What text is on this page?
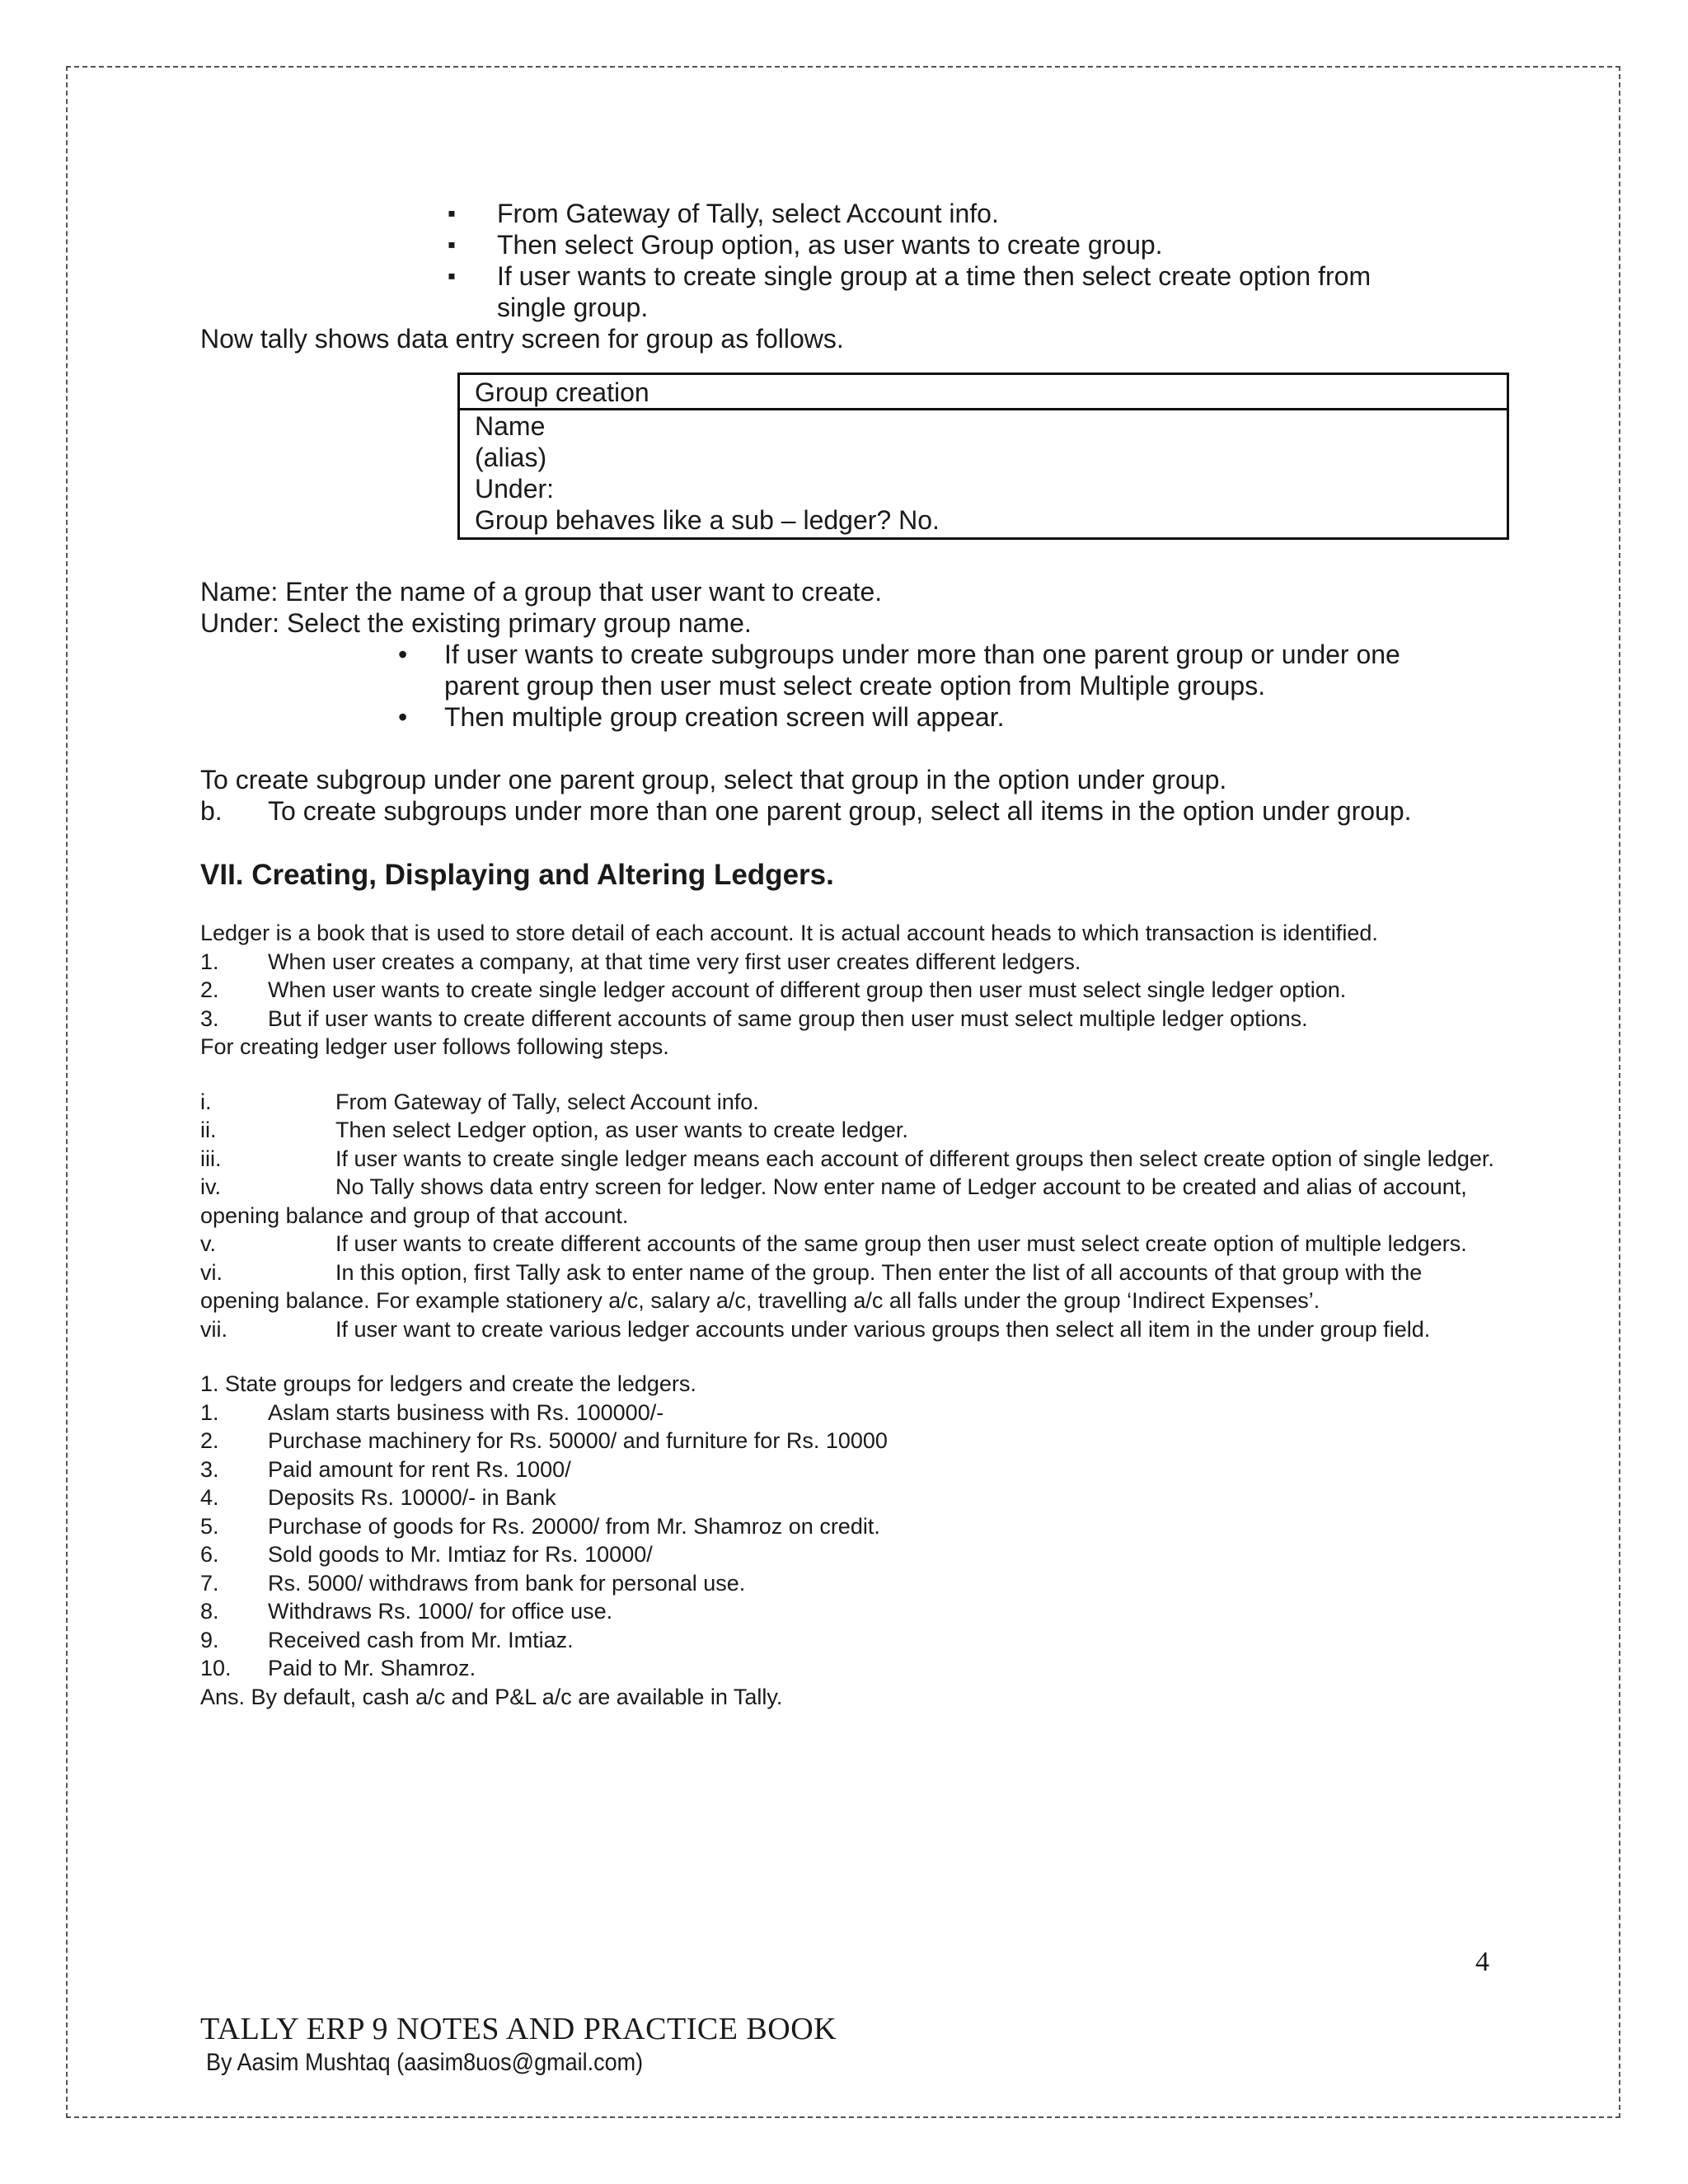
▪ From Gateway of Tally, select Account info.
▪ Then select Group option, as user wants to create group.
▪ If user wants to create single group at a time then select create option from single group.
Now tally shows data entry screen for group as follows.
Group creation
Name
(alias)
Under:
Group behaves like a sub – ledger? No.
Name: Enter the name of a group that user want to create.
Under: Select the existing primary group name.
• If user wants to create subgroups under more than one parent group or under one parent group then user must select create option from Multiple groups.
• Then multiple group creation screen will appear.
To create subgroup under one parent group, select that group in the option under group.
b.	To create subgroups under more than one parent group, select all items in the option under group.
VII. Creating, Displaying and Altering Ledgers.
Ledger is a book that is used to store detail of each account. It is actual account heads to which transaction is identified.
1.	When user creates a company, at that time very first user creates different ledgers.
2.	When user wants to create single ledger account of different group then user must select single ledger option.
3.	But if user wants to create different accounts of same group then user must select multiple ledger options.
For creating ledger user follows following steps.
i.	From Gateway of Tally, select Account info.
ii.	Then select Ledger option, as user wants to create ledger.
iii.	If user wants to create single ledger means each account of different groups then select create option of single ledger.
iv.	No Tally shows data entry screen for ledger. Now enter name of Ledger account to be created and alias of account, opening balance and group of that account.
v.	If user wants to create different accounts of the same group then user must select create option of multiple ledgers.
vi.	In this option, first Tally ask to enter name of the group. Then enter the list of all accounts of that group with the opening balance. For example stationery a/c, salary a/c, travelling a/c all falls under the group ‘Indirect Expenses’.
vii.	If user want to create various ledger accounts under various groups then select all item in the under group field.
1. State groups for ledgers and create the ledgers.
1.	Aslam starts business with Rs. 100000/-
2.	Purchase machinery for Rs. 50000/ and furniture for Rs. 10000
3.	Paid amount for rent Rs. 1000/
4.	Deposits Rs. 10000/- in Bank
5.	Purchase of goods for Rs. 20000/ from Mr. Shamroz on credit.
6.	Sold goods to Mr. Imtiaz for Rs. 10000/
7.	Rs. 5000/ withdraws from bank for personal use.
8.	Withdraws Rs. 1000/ for office use.
9.	Received cash from Mr. Imtiaz.
10.	Paid to Mr. Shamroz.
Ans. By default, cash a/c and P&L a/c are available in Tally.
4
TALLY ERP 9 NOTES AND PRACTICE BOOK
By Aasim Mushtaq (aasim8uos@gmail.com)
